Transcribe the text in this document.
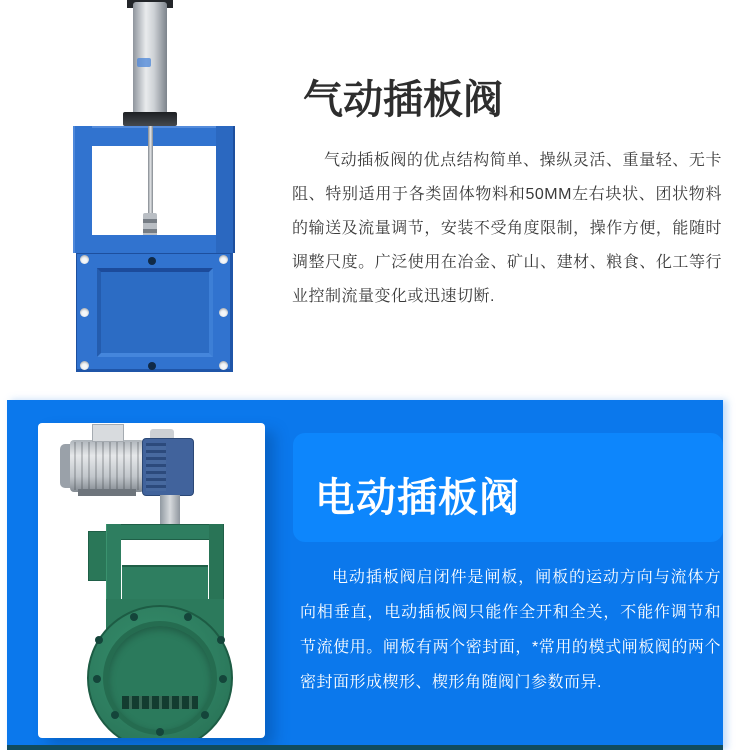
气动插板阀

气动插板阀的优点结构简单、操纵灵活、重量轻、无卡阻、特别适用于各类固体物料和50MM左右块状、团状物料的输送及流量调节，安装不受角度限制，操作方便，能随时调整尺度。广泛使用在冶金、矿山、建材、粮食、化工等行业控制流量变化或迅速切断.

电动插板阀

电动插板阀启闭件是闸板，闸板的运动方向与流体方向相垂直，电动插板阀只能作全开和全关，不能作调节和节流使用。闸板有两个密封面，*常用的模式闸板阀的两个密封面形成楔形、楔形角随阀门参数而异.
